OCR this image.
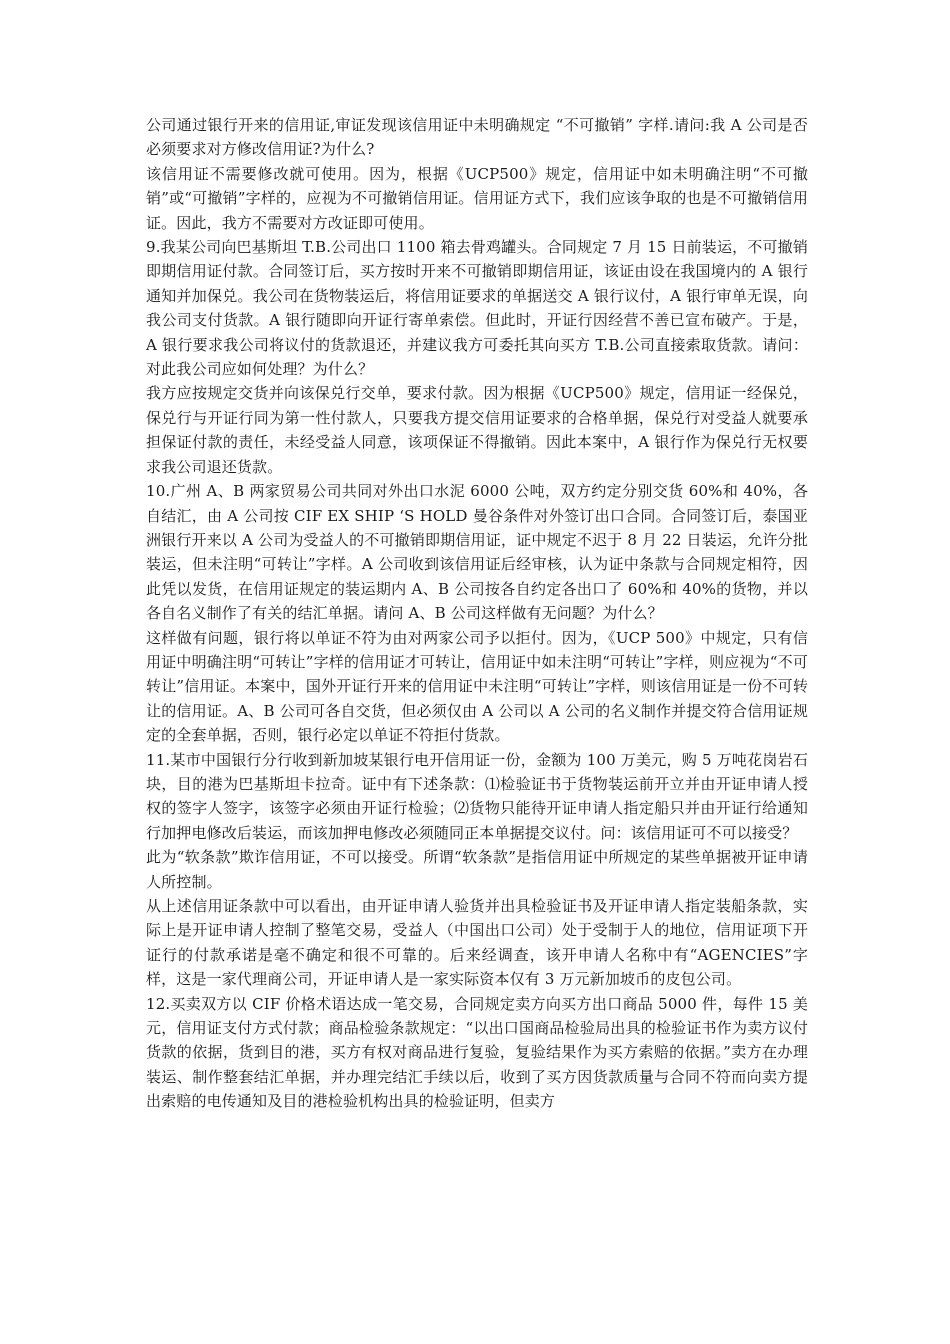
公司通过银行开来的信用证,审证发现该信用证中未明确规定 “不可撤销” 字样.请问:我 A 公司是否必须要求对方修改信用证?为什么?

该信用证不需要修改就可使用。因为，根据《UCP500》规定，信用证中如未明确注明“不可撤销”或“可撤销”字样的，应视为不可撤销信用证。信用证方式下，我们应该争取的也是不可撤销信用证。因此，我方不需要对方改证即可使用。

9.我某公司向巴基斯坦 T.B.公司出口 1100 箱去骨鸡罐头。合同规定 7 月 15 日前装运，不可撤销即期信用证付款。合同签订后，买方按时开来不可撤销即期信用证，该证由设在我国境内的 A 银行通知并加保兑。我公司在货物装运后，将信用证要求的单据送交 A 银行议付，A 银行审单无误，向我公司支付货款。A 银行随即向开证行寄单索偿。但此时，开证行因经营不善已宣布破产。于是，A 银行要求我公司将议付的货款退还，并建议我方可委托其向买方 T.B.公司直接索取货款。请问：对此我公司应如何处理？为什么？

我方应按规定交货并向该保兑行交单，要求付款。因为根据《UCP500》规定，信用证一经保兑，保兑行与开证行同为第一性付款人，只要我方提交信用证要求的合格单据，保兑行对受益人就要承担保证付款的责任，未经受益人同意，该项保证不得撤销。因此本案中，A 银行作为保兑行无权要求我公司退还货款。

10.广州 A、B 两家贸易公司共同对外出口水泥 6000 公吨，双方约定分别交货 60%和 40%，各自结汇，由 A 公司按 CIF EX SHIP ‘S HOLD 曼谷条件对外签订出口合同。合同签订后，泰国亚洲银行开来以 A 公司为受益人的不可撤销即期信用证，证中规定不迟于 8 月 22 日装运，允许分批装运，但未注明“可转让”字样。A 公司收到该信用证后经审核，认为证中条款与合同规定相符，因此凭以发货，在信用证规定的装运期内 A、B 公司按各自约定各出口了 60%和 40%的货物，并以各自名义制作了有关的结汇单据。请问 A、B 公司这样做有无问题？为什么？

这样做有问题，银行将以单证不符为由对两家公司予以拒付。因为，《UCP 500》中规定，只有信用证中明确注明“可转让”字样的信用证才可转让，信用证中如未注明“可转让”字样，则应视为“不可转让”信用证。本案中，国外开证行开来的信用证中未注明“可转让”字样，则该信用证是一份不可转让的信用证。A、B 公司可各自交货，但必须仅由 A 公司以 A 公司的名义制作并提交符合信用证规定的全套单据，否则，银行必定以单证不符拒付货款。

11.某市中国银行分行收到新加坡某银行电开信用证一份，金额为 100 万美元，购 5 万吨花岗岩石块，目的港为巴基斯坦卡拉奇。证中有下述条款：⑴检验证书于货物装运前开立并由开证申请人授权的签字人签字，该签字必须由开证行检验；⑵货物只能待开证申请人指定船只并由开证行给通知行加押电修改后装运，而该加押电修改必须随同正本单据提交议付。问：该信用证可不可以接受？

此为“软条款”欺诈信用证，不可以接受。所谓“软条款”是指信用证中所规定的某些单据被开证申请人所控制。

从上述信用证条款中可以看出，由开证申请人验货并出具检验证书及开证申请人指定装船条款，实际上是开证申请人控制了整笔交易，受益人（中国出口公司）处于受制于人的地位，信用证项下开证行的付款承诺是毫不确定和很不可靠的。后来经调查，该开申请人名称中有“AGENCIES”字样，这是一家代理商公司，开证申请人是一家实际资本仅有 3 万元新加坡币的皮包公司。

12.买卖双方以 CIF 价格术语达成一笔交易，合同规定卖方向买方出口商品 5000 件，每件 15 美元，信用证支付方式付款；商品检验条款规定：“以出口国商品检验局出具的检验证书作为卖方议付货款的依据，货到目的港，买方有权对商品进行复验，复验结果作为买方索赔的依据。”卖方在办理装运、制作整套结汇单据，并办理完结汇手续以后，收到了买方因货款质量与合同不符而向卖方提出索赔的电传通知及目的港检验机构出具的检验证明，但卖方
